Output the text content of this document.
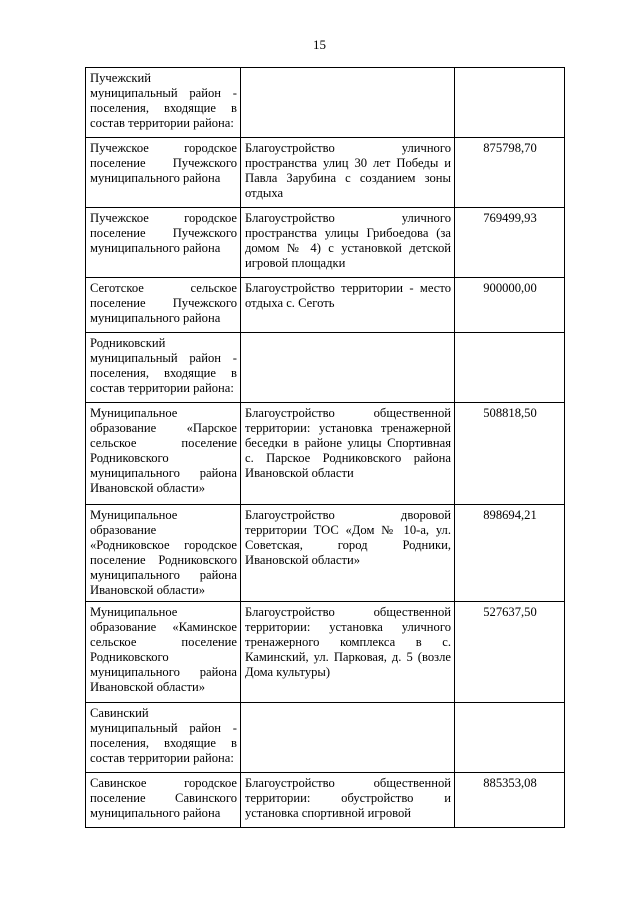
15
Пучежский муниципальный район - поселения, входящие в состав территории района:		
Пучежское городское поселение Пучежского муниципального района	Благоустройство уличного пространства улиц 30 лет Победы и Павла Зарубина с созданием зоны отдыха	875798,70
Пучежское городское поселение Пучежского муниципального района	Благоустройство уличного пространства улицы Грибоедова (за домом № 4) с установкой детской игровой площадки	769499,93
Сеготское сельское поселение Пучежского муниципального района	Благоустройство территории - место отдыха с. Сеготь	900000,00
Родниковский муниципальный район - поселения, входящие в состав территории района:		
Муниципальное образование «Парское сельское поселение Родниковского муниципального района Ивановской области»	Благоустройство общественной территории: установка тренажерной беседки в районе улицы Спортивная с. Парское Родниковского района Ивановской области	508818,50
Муниципальное образование «Родниковское городское поселение Родниковского муниципального района Ивановской области»	Благоустройство дворовой территории ТОС «Дом № 10-а, ул. Советская, город Родники, Ивановской области»	898694,21
Муниципальное образование «Каминское сельское поселение Родниковского муниципального района Ивановской области»	Благоустройство общественной территории: установка уличного тренажерного комплекса в с. Каминский, ул. Парковая, д. 5 (возле Дома культуры)	527637,50
Савинский муниципальный район - поселения, входящие в состав территории района:		
Савинское городское поселение Савинского муниципального района	Благоустройство общественной территории: обустройство и установка спортивной игровой	885353,08
